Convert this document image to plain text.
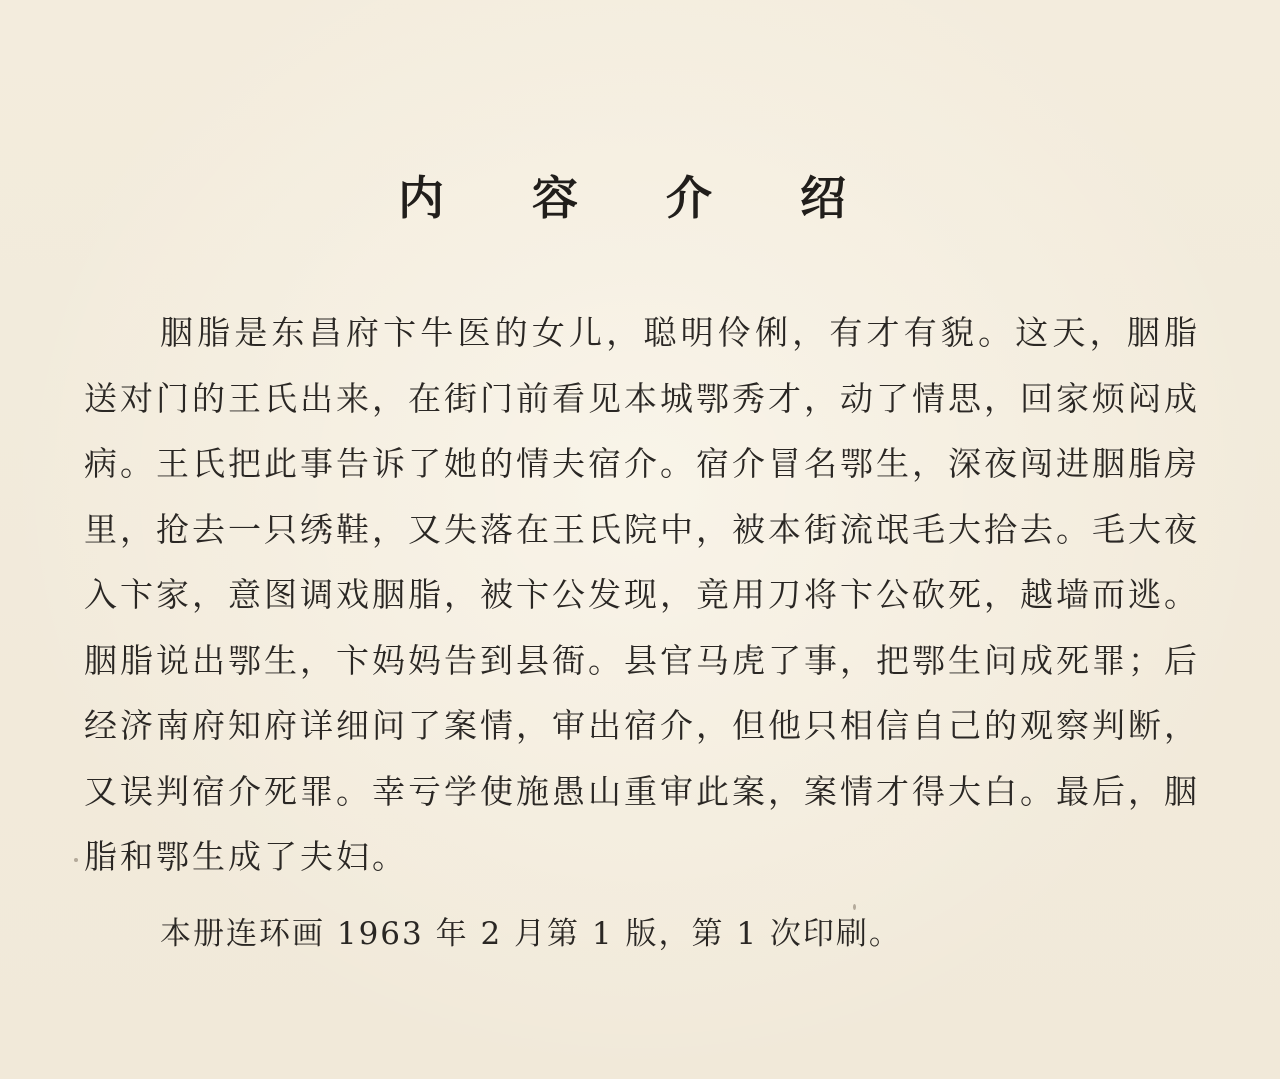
内 容 介 绍

胭脂是东昌府卞牛医的女儿，聪明伶俐，有才有貌。这天，胭脂送对门的王氏出来，在街门前看见本城鄂秀才，动了情思，回家烦闷成病。王氏把此事告诉了她的情夫宿介。宿介冒名鄂生，深夜闯进胭脂房里，抢去一只绣鞋，又失落在王氏院中，被本街流氓毛大拾去。毛大夜入卞家，意图调戏胭脂，被卞公发现，竟用刀将卞公砍死，越墙而逃。胭脂说出鄂生，卞妈妈告到县衙。县官马虎了事，把鄂生问成死罪；后经济南府知府详细问了案情，审出宿介，但他只相信自己的观察判断，又误判宿介死罪。幸亏学使施愚山重审此案，案情才得大白。最后，胭脂和鄂生成了夫妇。

本册连环画 1963 年 2 月第 1 版，第 1 次印刷。
